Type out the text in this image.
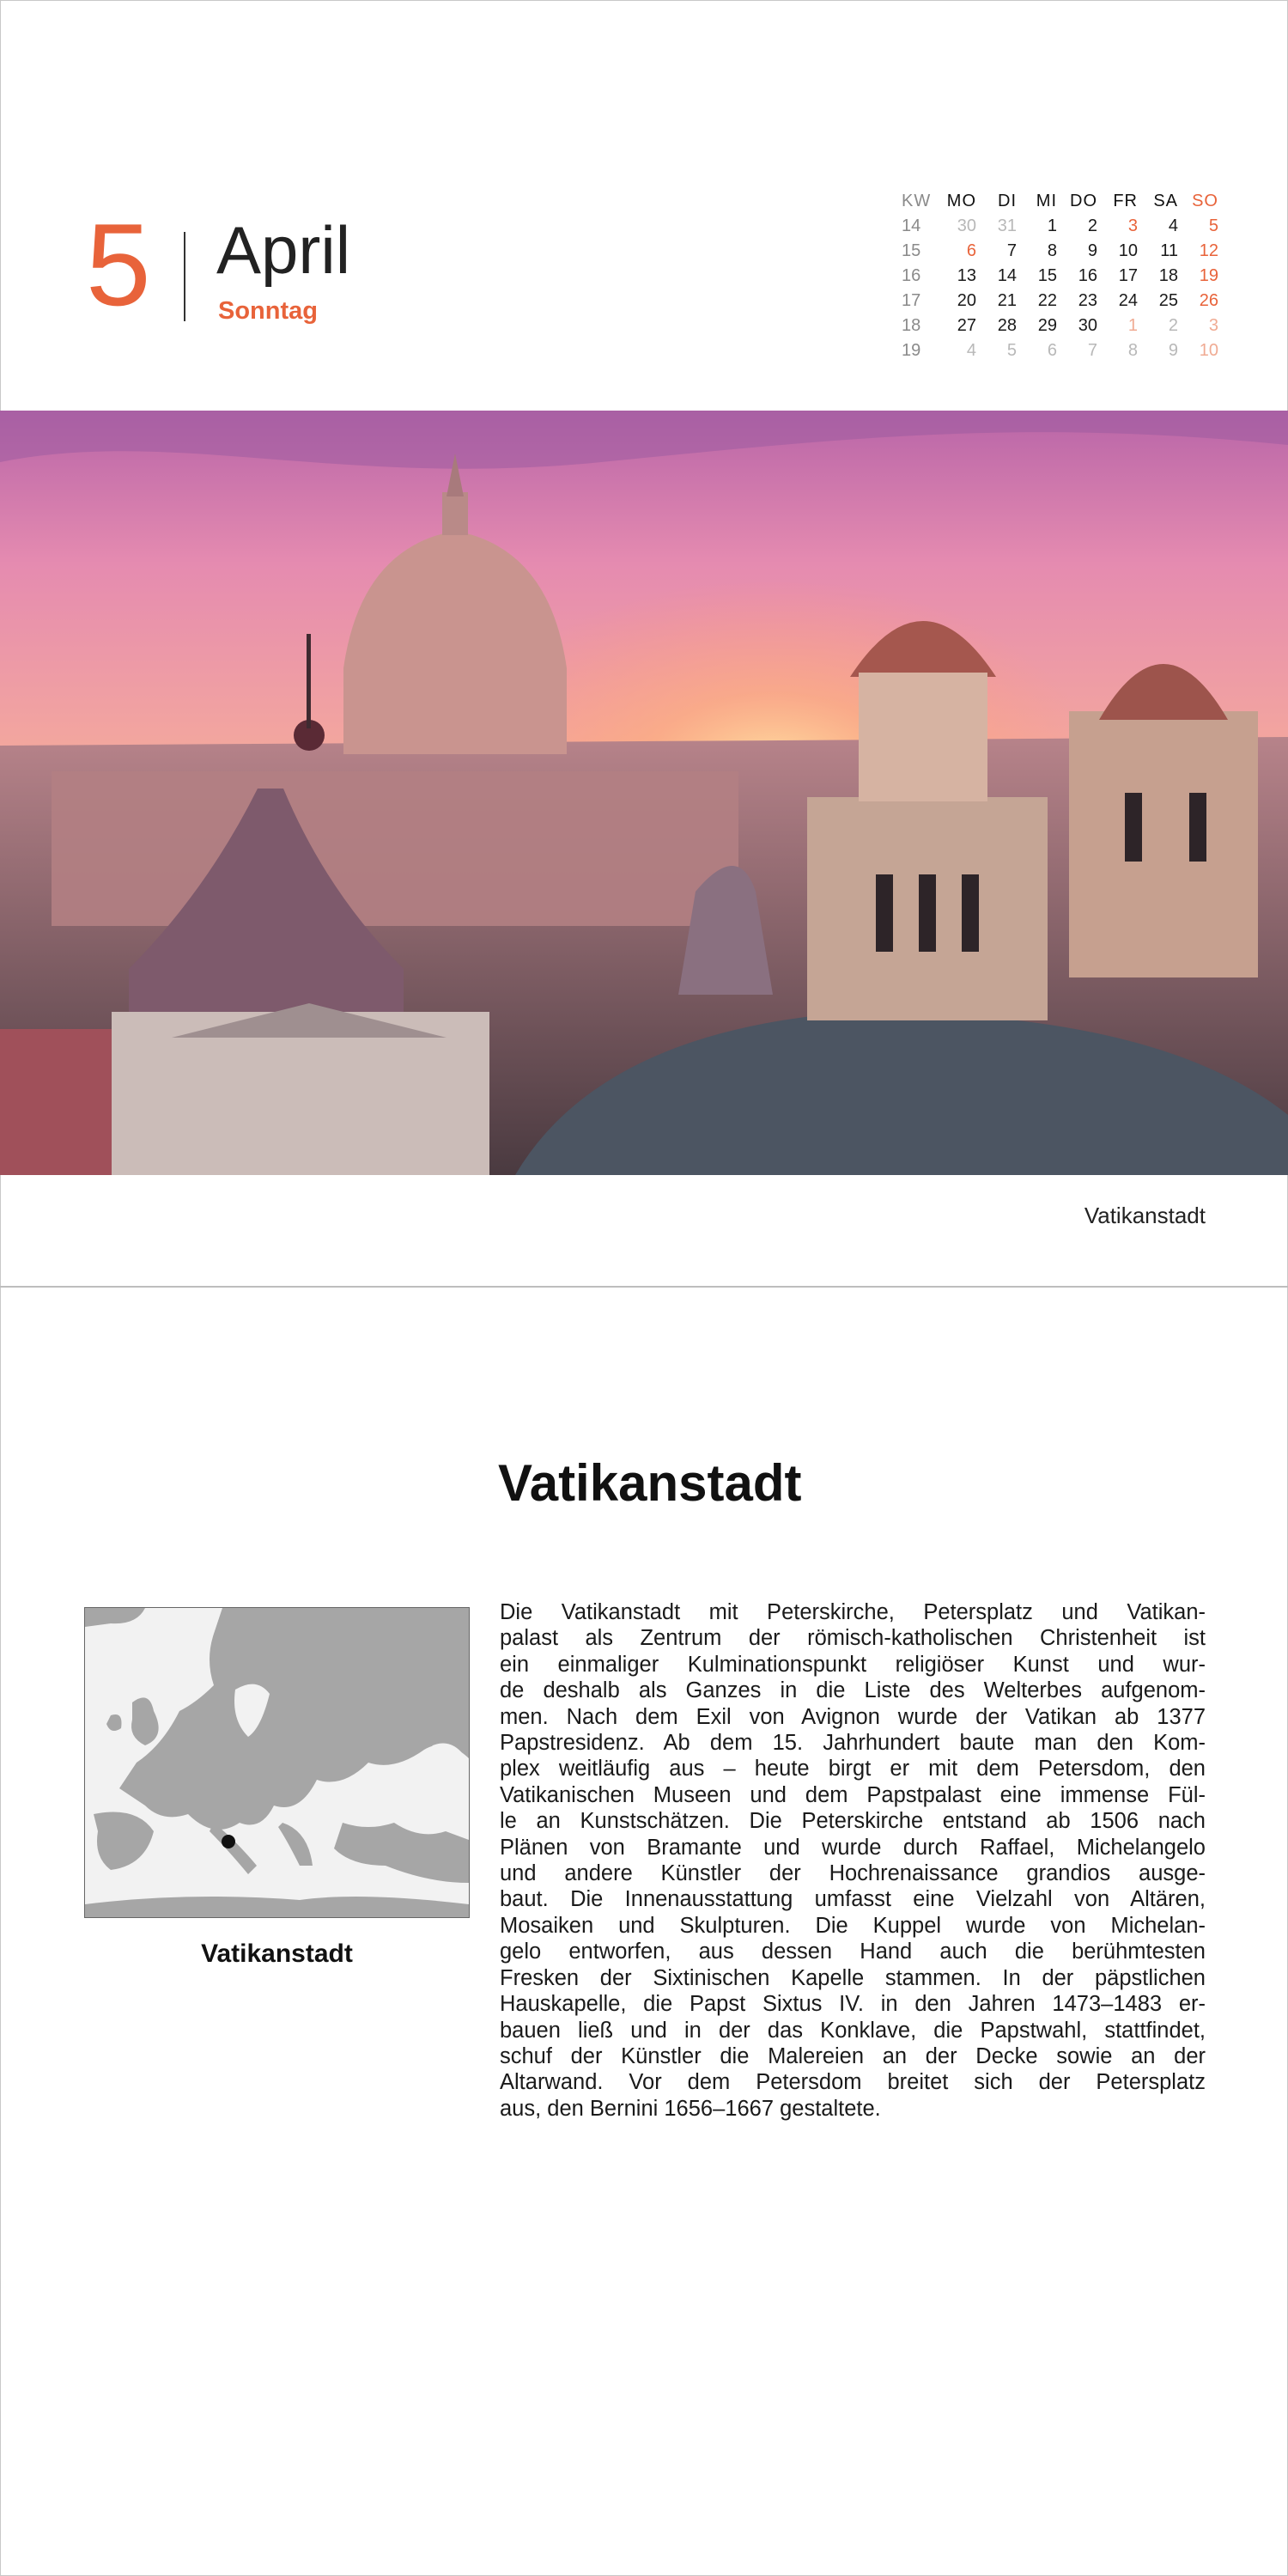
5 April
Sonntag
KW	MO	DI	MI	DO	FR	SA	SO
14	30	31	1	2	3	4	5
15	6	7	8	9	10	11	12
16	13	14	15	16	17	18	19
17	20	21	22	23	24	25	26
18	27	28	29	30	1	2	3
19	4	5	6	7	8	9	10
Vatikanstadt
Vatikanstadt
Vatikanstadt
Die Vatikanstadt mit Peterskirche, Petersplatz und Vatikan-
palast als Zentrum der römisch-katholischen Christenheit ist
ein einmaliger Kulminationspunkt religiöser Kunst und wur-
de deshalb als Ganzes in die Liste des Welterbes aufgenom-
men. Nach dem Exil von Avignon wurde der Vatikan ab 1377
Papstresidenz. Ab dem 15. Jahrhundert baute man den Kom-
plex weitläufig aus – heute birgt er mit dem Petersdom, den
Vatikanischen Museen und dem Papstpalast eine immense Fül-
le an Kunstschätzen. Die Peterskirche entstand ab 1506 nach
Plänen von Bramante und wurde durch Raffael, Michelangelo
und andere Künstler der Hochrenaissance grandios ausge-
baut. Die Innenausstattung umfasst eine Vielzahl von Altären,
Mosaiken und Skulpturen. Die Kuppel wurde von Michelan-
gelo entworfen, aus dessen Hand auch die berühmtesten
Fresken der Sixtinischen Kapelle stammen. In der päpstlichen
Hauskapelle, die Papst Sixtus IV. in den Jahren 1473–1483 er-
bauen ließ und in der das Konklave, die Papstwahl, stattfindet,
schuf der Künstler die Malereien an der Decke sowie an der
Altarwand. Vor dem Petersdom breitet sich der Petersplatz
aus, den Bernini 1656–1667 gestaltete.
